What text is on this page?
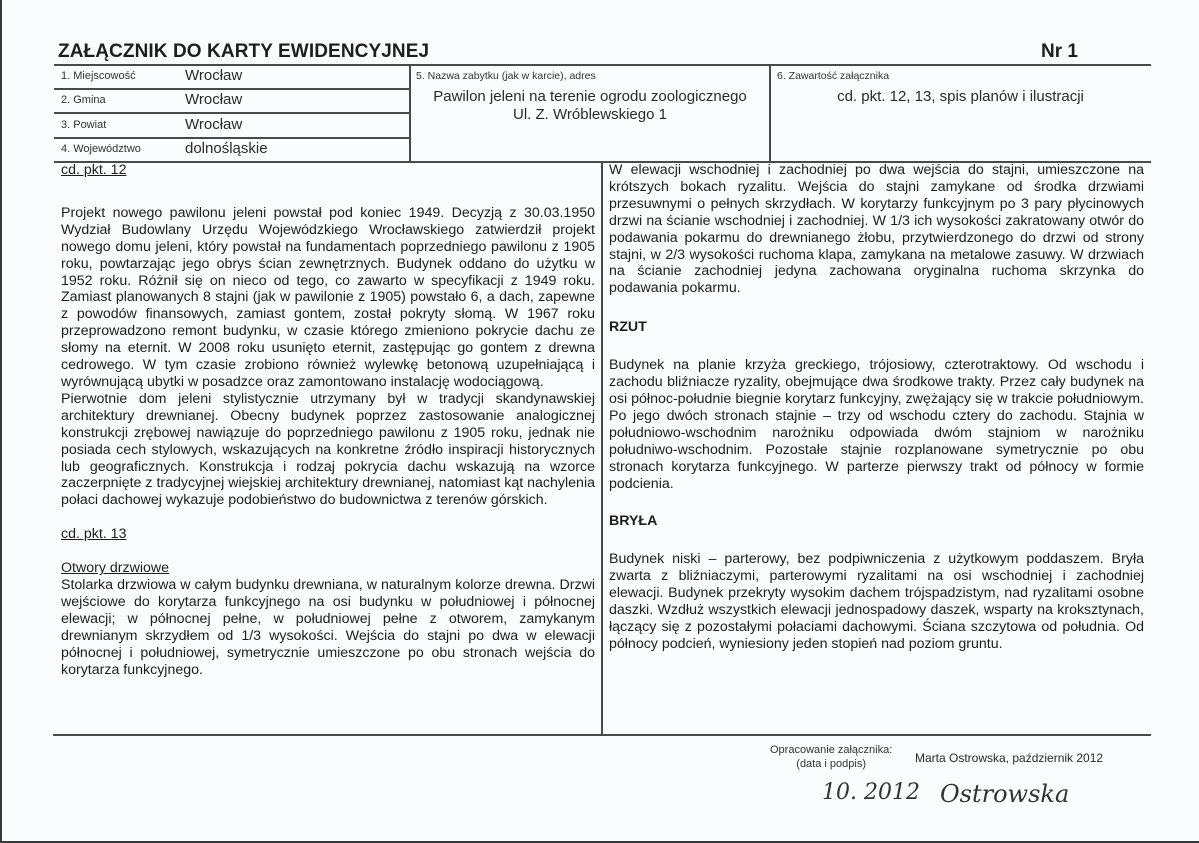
ZAŁĄCZNIK DO KARTY EWIDENCYJNEJ	Nr 1
1. Miejscowość	Wrocław
2. Gmina	Wrocław
3. Powiat	Wrocław
4. Województwo	dolnośląskie
5. Nazwa zabytku (jak w karcie), adres
Pawilon jeleni na terenie ogrodu zoologicznego
Ul. Z. Wróblewskiego 1
6. Zawartość załącznika
cd. pkt. 12, 13, spis planów i ilustracji

cd. pkt. 12

Projekt nowego pawilonu jeleni powstał pod koniec 1949. Decyzją z 30.03.1950 Wydział Budowlany Urzędu Wojewódzkiego Wrocławskiego zatwierdził projekt nowego domu jeleni, który powstał na fundamentach poprzedniego pawilonu z 1905 roku, powtarzając jego obrys ścian zewnętrznych. Budynek oddano do użytku w 1952 roku. Różnił się on nieco od tego, co zawarto w specyfikacji z 1949 roku. Zamiast planowanych 8 stajni (jak w pawilonie z 1905) powstało 6, a dach, zapewne z powodów finansowych, zamiast gontem, został pokryty słomą. W 1967 roku przeprowadzono remont budynku, w czasie którego zmieniono pokrycie dachu ze słomy na eternit. W 2008 roku usunięto eternit, zastępując go gontem z drewna cedrowego. W tym czasie zrobiono również wylewkę betonową uzupełniającą i wyrównującą ubytki w posadzce oraz zamontowano instalację wodociągową.

Pierwotnie dom jeleni stylistycznie utrzymany był w tradycji skandynawskiej architektury drewnianej. Obecny budynek poprzez zastosowanie analogicznej konstrukcji zrębowej nawiązuje do poprzedniego pawilonu z 1905 roku, jednak nie posiada cech stylowych, wskazujących na konkretne źródło inspiracji historycznych lub geograficznych. Konstrukcja i rodzaj pokrycia dachu wskazują na wzorce zaczerpnięte z tradycyjnej wiejskiej architektury drewnianej, natomiast kąt nachylenia połaci dachowej wykazuje podobieństwo do budownictwa z terenów górskich.

cd. pkt. 13

Otwory drzwiowe

Stolarka drzwiowa w całym budynku drewniana, w naturalnym kolorze drewna. Drzwi wejściowe do korytarza funkcyjnego na osi budynku w południowej i północnej elewacji; w północnej pełne, w południowej pełne z otworem, zamykanym drewnianym skrzydłem od 1/3 wysokości. Wejścia do stajni po dwa w elewacji północnej i południowej, symetrycznie umieszczone po obu stronach wejścia do korytarza funkcyjnego.

W elewacji wschodniej i zachodniej po dwa wejścia do stajni, umieszczone na krótszych bokach ryzalitu. Wejścia do stajni zamykane od środka drzwiami przesuwnymi o pełnych skrzydłach. W korytarzy funkcyjnym po 3 pary płycinowych drzwi na ścianie wschodniej i zachodniej. W 1/3 ich wysokości zakratowany otwór do podawania pokarmu do drewnianego żłobu, przytwierdzonego do drzwi od strony stajni, w 2/3 wysokości ruchoma klapa, zamykana na metalowe zasuwy. W drzwiach na ścianie zachodniej jedyna zachowana oryginalna ruchoma skrzynka do podawania pokarmu.

RZUT

Budynek na planie krzyża greckiego, trójosiowy, czterotraktowy. Od wschodu i zachodu bliźniacze ryzality, obejmujące dwa środkowe trakty. Przez cały budynek na osi północ-południe biegnie korytarz funkcyjny, zwężający się w trakcie południowym. Po jego dwóch stronach stajnie – trzy od wschodu cztery do zachodu. Stajnia w południowo-wschodnim narożniku odpowiada dwóm stajniom w narożniku południwo-wschodnim. Pozostałe stajnie rozplanowane symetrycznie po obu stronach korytarza funkcyjnego. W parterze pierwszy trakt od północy w formie podcienia.

BRYŁA

Budynek niski – parterowy, bez podpiwniczenia z użytkowym poddaszem. Bryła zwarta z bliźniaczymi, parterowymi ryzalitami na osi wschodniej i zachodniej elewacji. Budynek przekryty wysokim dachem trójspadzistym, nad ryzalitami osobne daszki. Wzdłuż wszystkich elewacji jednospadowy daszek, wsparty na kroksztynach, łączący się z pozostałymi połaciami dachowymi. Ściana szczytowa od południa. Od północy podcień, wyniesiony jeden stopień nad poziom gruntu.

Opracowanie załącznika:
(data i podpis)	Marta Ostrowska, październik 2012
10. 2012 Ostrowska
